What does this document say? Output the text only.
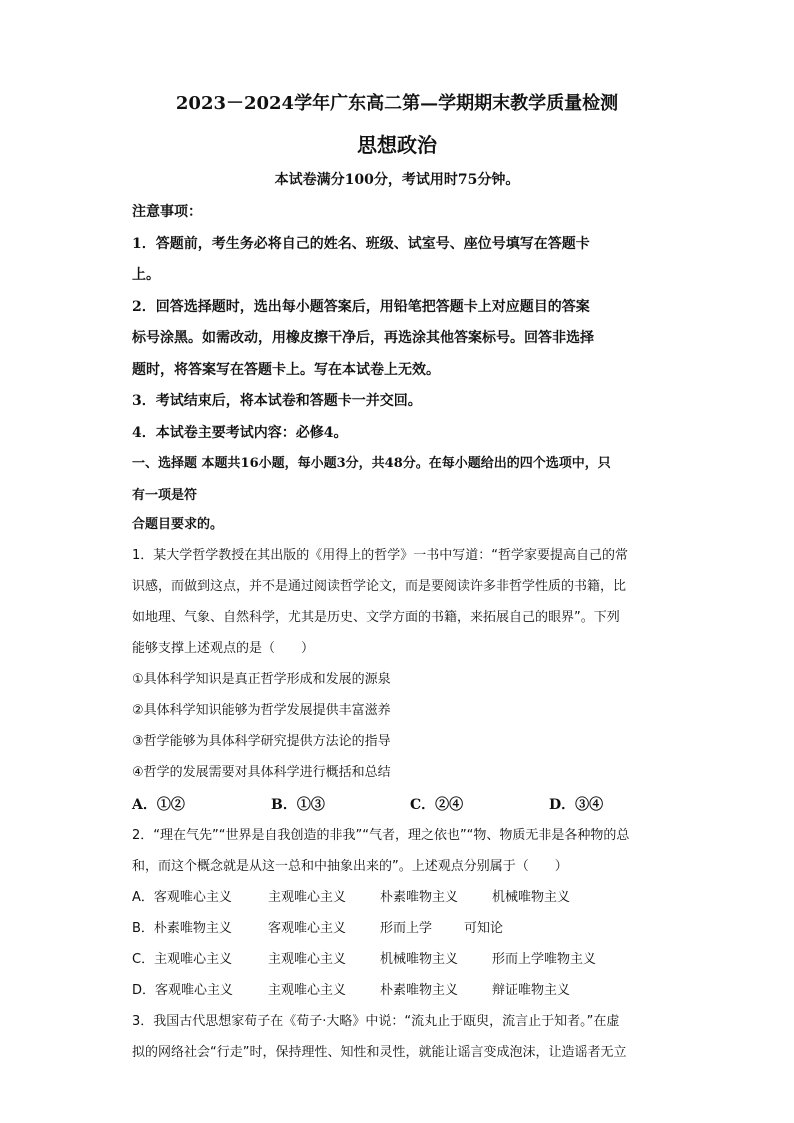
2023－2024学年广东高二第—学期期末教学质量检测
思想政治
本试卷满分100分，考试用时75分钟。
注意事项：
1．答题前，考生务必将自己的姓名、班级、试室号、座位号填写在答题卡
上。
2．回答选择题时，选出每小题答案后，用铅笔把答题卡上对应题目的答案
标号涂黑。如需改动，用橡皮擦干净后，再选涂其他答案标号。回答非选择
题时，将答案写在答题卡上。写在本试卷上无效。
3．考试结束后，将本试卷和答题卡一并交回。
4．本试卷主要考试内容：必修4。
一、选择题 本题共16小题，每小题3分，共48分。在每小题给出的四个选项中，只
有一项是符
合题目要求的。
1．某大学哲学教授在其出版的《用得上的哲学》一书中写道：“哲学家要提高自己的常
识感，而做到这点，并不是通过阅读哲学论文，而是要阅读许多非哲学性质的书籍，比
如地理、气象、自然科学，尤其是历史、文学方面的书籍，来拓展自己的眼界”。下列
能够支撑上述观点的是（　　）
①具体科学知识是真正哲学形成和发展的源泉
②具体科学知识能够为哲学发展提供丰富滋养
③哲学能够为具体科学研究提供方法论的指导
④哲学的发展需要对具体科学进行概括和总结
A．①②	B．①③	C．②④	D．③④
2．“理在气先”“世界是自我创造的非我”“气者，理之依也”“物、物质无非是各种物的总
和，而这个概念就是从这一总和中抽象出来的”。上述观点分别属于（　　）
A．客观唯心主义	主观唯心主义	朴素唯物主义	机械唯物主义
B．朴素唯物主义	客观唯心主义	形而上学 可知论
C．主观唯心主义	主观唯心主义	机械唯物主义	形而上学唯物主义
D．客观唯心主义	主观唯心主义	朴素唯物主义	辩证唯物主义
3．我国古代思想家荀子在《荀子·大略》中说：“流丸止于瓯臾，流言止于知者。”在虚
拟的网络社会“行走”时，保持理性、知性和灵性，就能让谣言变成泡沫，让造谣者无立
